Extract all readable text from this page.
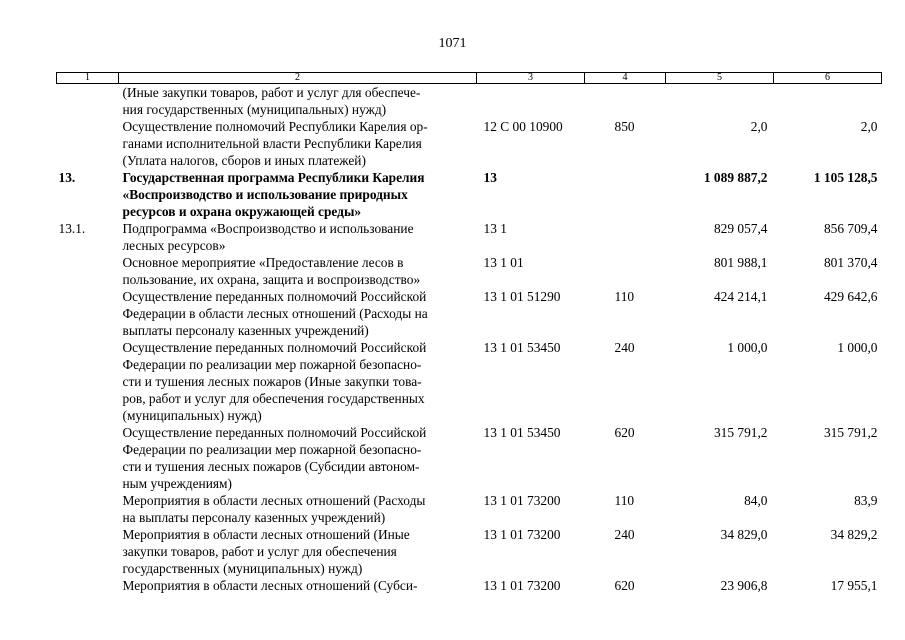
1071
1	2	3	4	5	6

	(Иные закупки товаров, работ и услуг для обеспече-
ния государственных (муниципальных) нужд)				

	Осуществление полномочий Республики Карелия ор-
ганами исполнительной власти Республики Карелия
(Уплата налогов, сборов и иных платежей)	12 С 00 10900	850	2,0	2,0
13.	Государственная программа Республики Карелия
«Воспроизводство и использование природных
ресурсов и охрана окружающей среды»	13		1 089 887,2	1 105 128,5
13.1.	Подпрограмма «Воспроизводство и использование
лесных ресурсов»	13 1		829 057,4	856 709,4

	Основное мероприятие «Предоставление лесов в
пользование, их охрана, защита и воспроизводство»	13 1 01		801 988,1	801 370,4

	Осуществление переданных полномочий Российской
Федерации в области лесных отношений (Расходы на
выплаты персоналу казенных учреждений)	13 1 01 51290	110	424 214,1	429 642,6

	Осуществление переданных полномочий Российской
Федерации по реализации мер пожарной безопасно-
сти и тушения лесных пожаров (Иные закупки това-
ров, работ и услуг для обеспечения государственных
(муниципальных) нужд)	13 1 01 53450	240	1 000,0	1 000,0

	Осуществление переданных полномочий Российской
Федерации по реализации мер пожарной безопасно-
сти и тушения лесных пожаров (Субсидии автоном-
ным учреждениям)	13 1 01 53450	620	315 791,2	315 791,2

	Мероприятия в области лесных отношений (Расходы
на выплаты персоналу казенных учреждений)	13 1 01 73200	110	84,0	83,9

	Мероприятия в области лесных отношений (Иные
закупки товаров, работ и услуг для обеспечения
государственных (муниципальных) нужд)	13 1 01 73200	240	34 829,0	34 829,2

	Мероприятия в области лесных отношений (Субси-	13 1 01 73200	620	23 906,8	17 955,1
